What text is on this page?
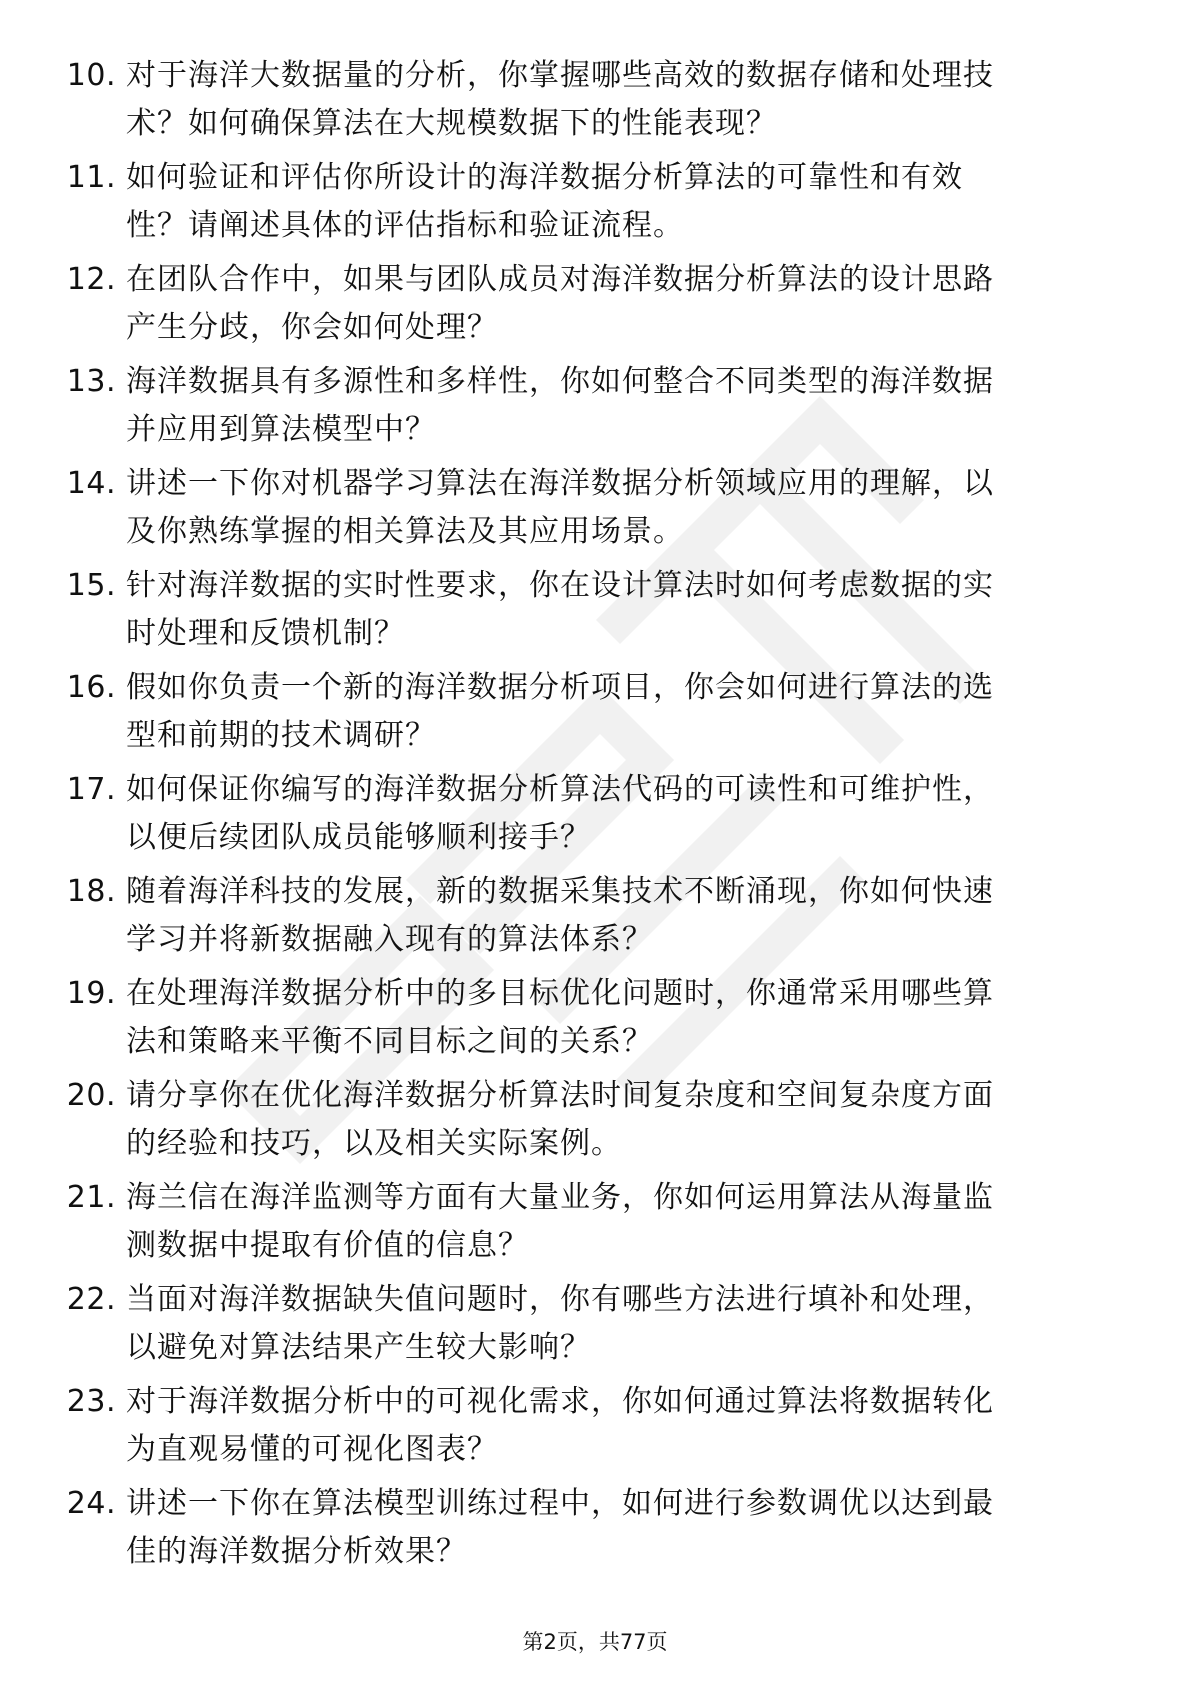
10. 对于海洋大数据量的分析，你掌握哪些高效的数据存储和处理技
术？如何确保算法在大规模数据下的性能表现？
11. 如何验证和评估你所设计的海洋数据分析算法的可靠性和有效
性？请阐述具体的评估指标和验证流程。
12. 在团队合作中，如果与团队成员对海洋数据分析算法的设计思路
产生分歧，你会如何处理？
13. 海洋数据具有多源性和多样性，你如何整合不同类型的海洋数据
并应用到算法模型中？
14. 讲述一下你对机器学习算法在海洋数据分析领域应用的理解，以
及你熟练掌握的相关算法及其应用场景。
15. 针对海洋数据的实时性要求，你在设计算法时如何考虑数据的实
时处理和反馈机制？
16. 假如你负责一个新的海洋数据分析项目，你会如何进行算法的选
型和前期的技术调研？
17. 如何保证你编写的海洋数据分析算法代码的可读性和可维护性，
以便后续团队成员能够顺利接手？
18. 随着海洋科技的发展，新的数据采集技术不断涌现，你如何快速
学习并将新数据融入现有的算法体系？
19. 在处理海洋数据分析中的多目标优化问题时，你通常采用哪些算
法和策略来平衡不同目标之间的关系？
20. 请分享你在优化海洋数据分析算法时间复杂度和空间复杂度方面
的经验和技巧，以及相关实际案例。
21. 海兰信在海洋监测等方面有大量业务，你如何运用算法从海量监
测数据中提取有价值的信息？
22. 当面对海洋数据缺失值问题时，你有哪些方法进行填补和处理，
以避免对算法结果产生较大影响？
23. 对于海洋数据分析中的可视化需求，你如何通过算法将数据转化
为直观易懂的可视化图表？
24. 讲述一下你在算法模型训练过程中，如何进行参数调优以达到最
佳的海洋数据分析效果？
第2页，共77页
